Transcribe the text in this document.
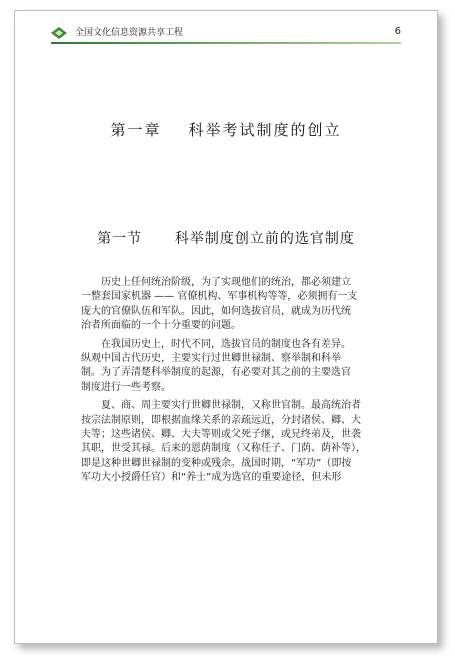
全国文化信息资源共享工程	6
第一章    科举考试制度的创立
第一节      科举制度创立前的选官制度

历史上任何统治阶级，为了实现他们的统治，都必须建立
一整套国家机器 —— 官僚机构、军事机构等等，必须拥有一支
庞大的官僚队伍和军队。因此，如何选拔官员，就成为历代统
治者所面临的一个十分重要的问题。

在我国历史上，时代不同，选拔官员的制度也各有差异。
纵观中国古代历史，主要实行过世卿世禄制、察举制和科举
制。为了弄清楚科举制度的起源，有必要对其之前的主要选官
制度进行一些考察。

夏、商、周主要实行世卿世禄制，又称世官制。最高统治者
按宗法制原则，即根据血缘关系的亲疏远近，分封诸侯、卿、大
夫等；这些诸侯、卿、大夫等则或父死子继，或兄终弟及，世袭
其职，世受其禄。后来的恩荫制度（又称任子、门荫、荫补等），
即是这种世卿世禄制的变种或残余。战国时期，“军功”（即按
军功大小授爵任官）和“养士”成为选官的重要途径，但未形
